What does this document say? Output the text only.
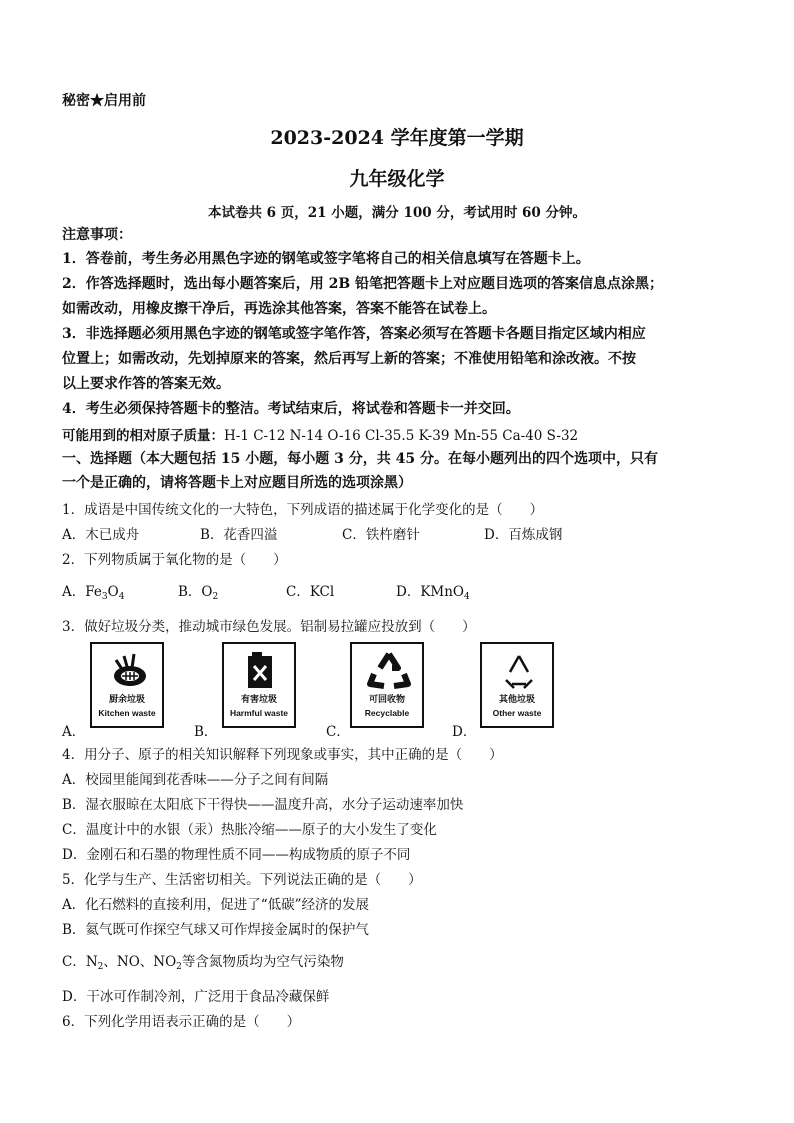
秘密★启用前
2023-2024 学年度第一学期
九年级化学
本试卷共 6 页，21 小题，满分 100 分，考试用时 60 分钟。
注意事项：
1．答卷前，考生务必用黑色字迹的钢笔或签字笔将自己的相关信息填写在答题卡上。
2．作答选择题时，选出每小题答案后，用 2B 铅笔把答题卡上对应题目选项的答案信息点涂黑；
如需改动，用橡皮擦干净后，再选涂其他答案，答案不能答在试卷上。
3．非选择题必须用黑色字迹的钢笔或签字笔作答，答案必须写在答题卡各题目指定区域内相应
位置上；如需改动，先划掉原来的答案，然后再写上新的答案；不准使用铅笔和涂改液。不按
以上要求作答的答案无效。
4．考生必须保持答题卡的整洁。考试结束后，将试卷和答题卡一并交回。
可能用到的相对原子质量：H-1 C-12 N-14 O-16 Cl-35.5 K-39 Mn-55 Ca-40 S-32
一、选择题（本大题包括 15 小题，每小题 3 分，共 45 分。在每小题列出的四个选项中，只有
一个是正确的，请将答题卡上对应题目所选的选项涂黑）
1．成语是中国传统文化的一大特色，下列成语的描述属于化学变化的是（　　）
A．木已成舟	B．花香四溢	C．铁杵磨针	D．百炼成钢
2．下列物质属于氧化物的是（　　）
A．$Fe_3O_4$	B．$O_2$	C．KCl	D．KMnO$_4$
3．做好垃圾分类，推动城市绿色发展。铝制易拉罐应投放到（　　）
厨余垃圾
Kitchen waste
A．
有害垃圾
Harmful waste
B．
可回收物
Recyclable
C．
其他垃圾
Other waste
D．
4．用分子、原子的相关知识解释下列现象或事实，其中正确的是（　　）
A．校园里能闻到花香味——分子之间有间隔
B．湿衣服晾在太阳底下干得快——温度升高，水分子运动速率加快
C．温度计中的水银（汞）热胀冷缩——原子的大小发生了变化
D．金刚石和石墨的物理性质不同——构成物质的原子不同
5．化学与生产、生活密切相关。下列说法正确的是（　　）
A．化石燃料的直接利用，促进了“低碳”经济的发展
B．氦气既可作探空气球又可作焊接金属时的保护气
C．$N_2$、NO、$NO_2$等含氮物质均为空气污染物
D．干冰可作制冷剂，广泛用于食品冷藏保鲜
6．下列化学用语表示正确的是（　　）
